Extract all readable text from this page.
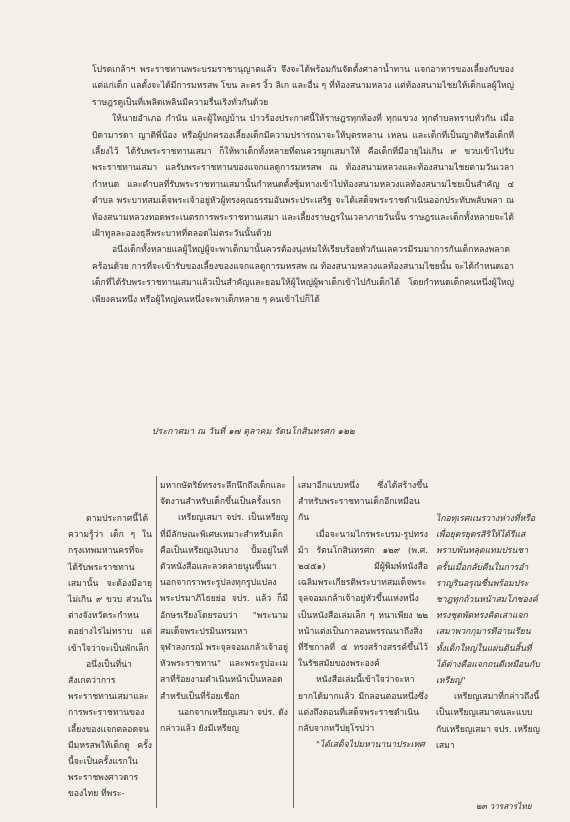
โปรดเกล้าฯ พระราชทานพระบรมราชานุญาตแล้ว จึงจะได้พร้อมกันจัดตั้งศาลาน้ำทาน แจกอาหารของเลี้ยงกับของแต่แก่เด็ก แลตั้งจะได้มีการมหรสพ โขน ละคร งิ้ว ลิเก และอื่น ๆ ที่ท้องสนามหลวง แต่ท้องสนามไชยให้เด็กแลผู้ใหญ่ราษฎรดูเป็นที่เพลิดเพลินมีความรื่นเริงทั่วกันด้วย

ให้นายอำเภอ กำนัน และผู้ใหญ่บ้าน ป่าวร้องประกาศนี้ให้ราษฎรทุกท้องที่ ทุกแขวง ทุกตำบลทราบทั่วกัน เมื่อบิดามารดา ญาติพี่น้อง หรือผู้ปกครองเลี้ยงเด็กมีความปรารถนาจะให้บุตรหลาน เหลน และเด็กที่เป็นญาติหรือเด็กที่เลี้ยงไว้ ได้รับพระราชทานเสมา ก็ให้พาเด็กทั้งหลายที่ตนควรผูกเสมาให้ คือเด็กที่มีอายุไม่เกิน ๙ ขวบเข้าไปรับพระราชทานเสมา แลรับพระราชทานของแจกแลดูการมหรสพ ณ ท้องสนามหลวงและท้องสนามไชยตามวันเวลากำหนด และตำบลที่รับพระราชทานเสมานั้นกำหนดตั้งซุ้มทางเข้าไปท้องสนามหลวงแลท้องสนามไชยเป็นสำคัญ ๔ ตำบล พระบาทสมเด็จพระเจ้าอยู่หัวผู้ทรงคุณธรรมอันพระประเสริฐ จะได้เสด็จพระราชดำเนินออกประทับพลับพลา ณ ท้องสนามหลวงทอดพระเนตรการพระราชทานเสมา และเลี้ยงราษฎรในเวลาภายวันนั้น ราษฎรและเด็กทั้งหลายจะได้เฝ้าทูลละอองธุลีพระบาทที่ตลอดไม่ตระวันนั้นด้วย

อนึ่งเด็กทั้งหลายแลผู้ใหญ่ผู้จะพาเด็กมานั้นควรต้องนุ่งห่มให้เรียบร้อยทั่วกันแลควรมีรมมาการกันเด็กหลงพลาดคร้อนด้วย การที่จะเข้ารับของเลี้ยงของแจกแลดูการมหรสพ ณ ท้องสนามหลวงแลท้องสนามไชยนั้น จะได้กำหนดเอาเด็กที่ได้รับพระราชทานเสมาแล้วเป็นสำคัญและยอมให้ผู้ใหญ่ผู้พาเด็กเข้าไปกับเด็กได้ โดยกำหนดเด็กคนหนึ่งผู้ใหญ่เพียงคนหนึ่ง หรือผู้ใหญ่คนหนึ่งจะพาเด็กหลาย ๆ คนเข้าไปก็ได้

ประกาศมา ณ วันที่ ๑๗ ตุลาคม รัตนโกสินทรศก ๑๒๒

ตามประกาศนี้ได้ความรู้ว่า เด็ก ๆ ในกรุงเทพมหานครที่จะได้รับพระราชทานเสมานั้น จะต้องมีอายุไม่เกิน ๙ ขวบ ส่วนในต่างจังหวัดระกำหนดอย่างไรไม่ทราบ แต่เข้าใจว่าจะเป็นพักเล็ก

อนึ่งเป็นที่น่าสังเกตว่าการพระราชทานเสมาและการพระราชทานของเลี้ยงของแจกตลอดจนมีมหรสพให้เด็กดู ครั้งนี้จะเป็นครั้งแรกในพระราชพงศาวดารของไทย ที่พระ-

มหากษัตริย์ทรงระลึกนึกถึงเด็กและจัดงานสำหรับเด็กขึ้นเป็นครั้งแรก

เหรียญเสมา จปร. เป็นเหรียญที่มีลักษณะพิเศษเหมาะสำหรับเด็ก คือเป็นเหรียญเงินบาง ปั้มอยู่ในที่ตัวหนังสือและลวดลายนูนขึ้นมา นอกจากราพระรูปลงทุกรูปแปลงพระปรมาภิไธยย่อ จปร. แล้ว ก็มีอักษรเรียงโดยรอบว่า "พระนามสมเด็จพระปรมินทรมหาจุฬาลงกรณ์ พระจุลจอมเกล้าเจ้าอยู่หัวพระราชทาน" และพระรูปอะเมสาที่ร้อยงามดำเนินหน้าเป็นหลอดสำหรับเป็นที่ร้อยเชือก

นอกจากเหรียญเสมา จปร. ดังกล่าวแล้ว ยังมีเหรียญ

เสมาอีกแบบหนึ่ง ซึ่งได้สร้างขึ้นสำหรับพระราชทานเด็กอีกเหมือนกัน

เมื่อจะนามไกรพระบรม-รูปทรงม้า รัตนโกสินทรศก ๑๒๙ (พ.ศ. ๒๔๕๑) มีผู้พิมพ์หนังสือเฉลิมพระเกียรติพระบาทสมเด็จพระจุลจอมเกล้าเจ้าอยู่หัวขึ้นแห่งหนึ่ง เป็นหนังสือเล่มเล็ก ๆ หนาเพียง ๒๒ หน้าแต่งเป็นกาลอนพรรณนาถึงสิ่งที่รีชกาลที่ ๕ ทรงสร้างสรรค์ขึ้นไว้ในรัชสมัยของพระองค์

หนังสือเล่มนี้เข้าใจว่าจะหายากได้มากแล้ว มีกลอนตอนหนึ่งซึ่งแต่งถึงตอนที่เสด็จพระราชดำเนินกลับจากทวีปยุโรปว่า

"ได้เสด็จไปมหานานาประเทศ

ไกอทุเรศแนรวางห่างที่หรือเพื่อยุตรยุตรสิริให้ได้รีแสพราบพ้นทลุตแทมปรนชาครั้นเมื่อกลับคืนในการอำราญรินอรุณชื่นพร้อมประชาฎทุกถ้วนหน้าสมโภชองค์ทรงชุตพัดทรงคิดเสาแจกเสมาพวกกุมารทีอ่านเรียนทั้งเด็กใหญ่ในแผ่นดินสิ้นที่ได้ต่างคือแจกถนดีเหมือนกับเหรียญ"

เหรียญเสมาที่กล่าวถึงนี้ เป็นเหรียญเสมาคนละแบบกับเหรียญเสมา จปร. เหรียญเสมา

๒๓ วารสารไทย
